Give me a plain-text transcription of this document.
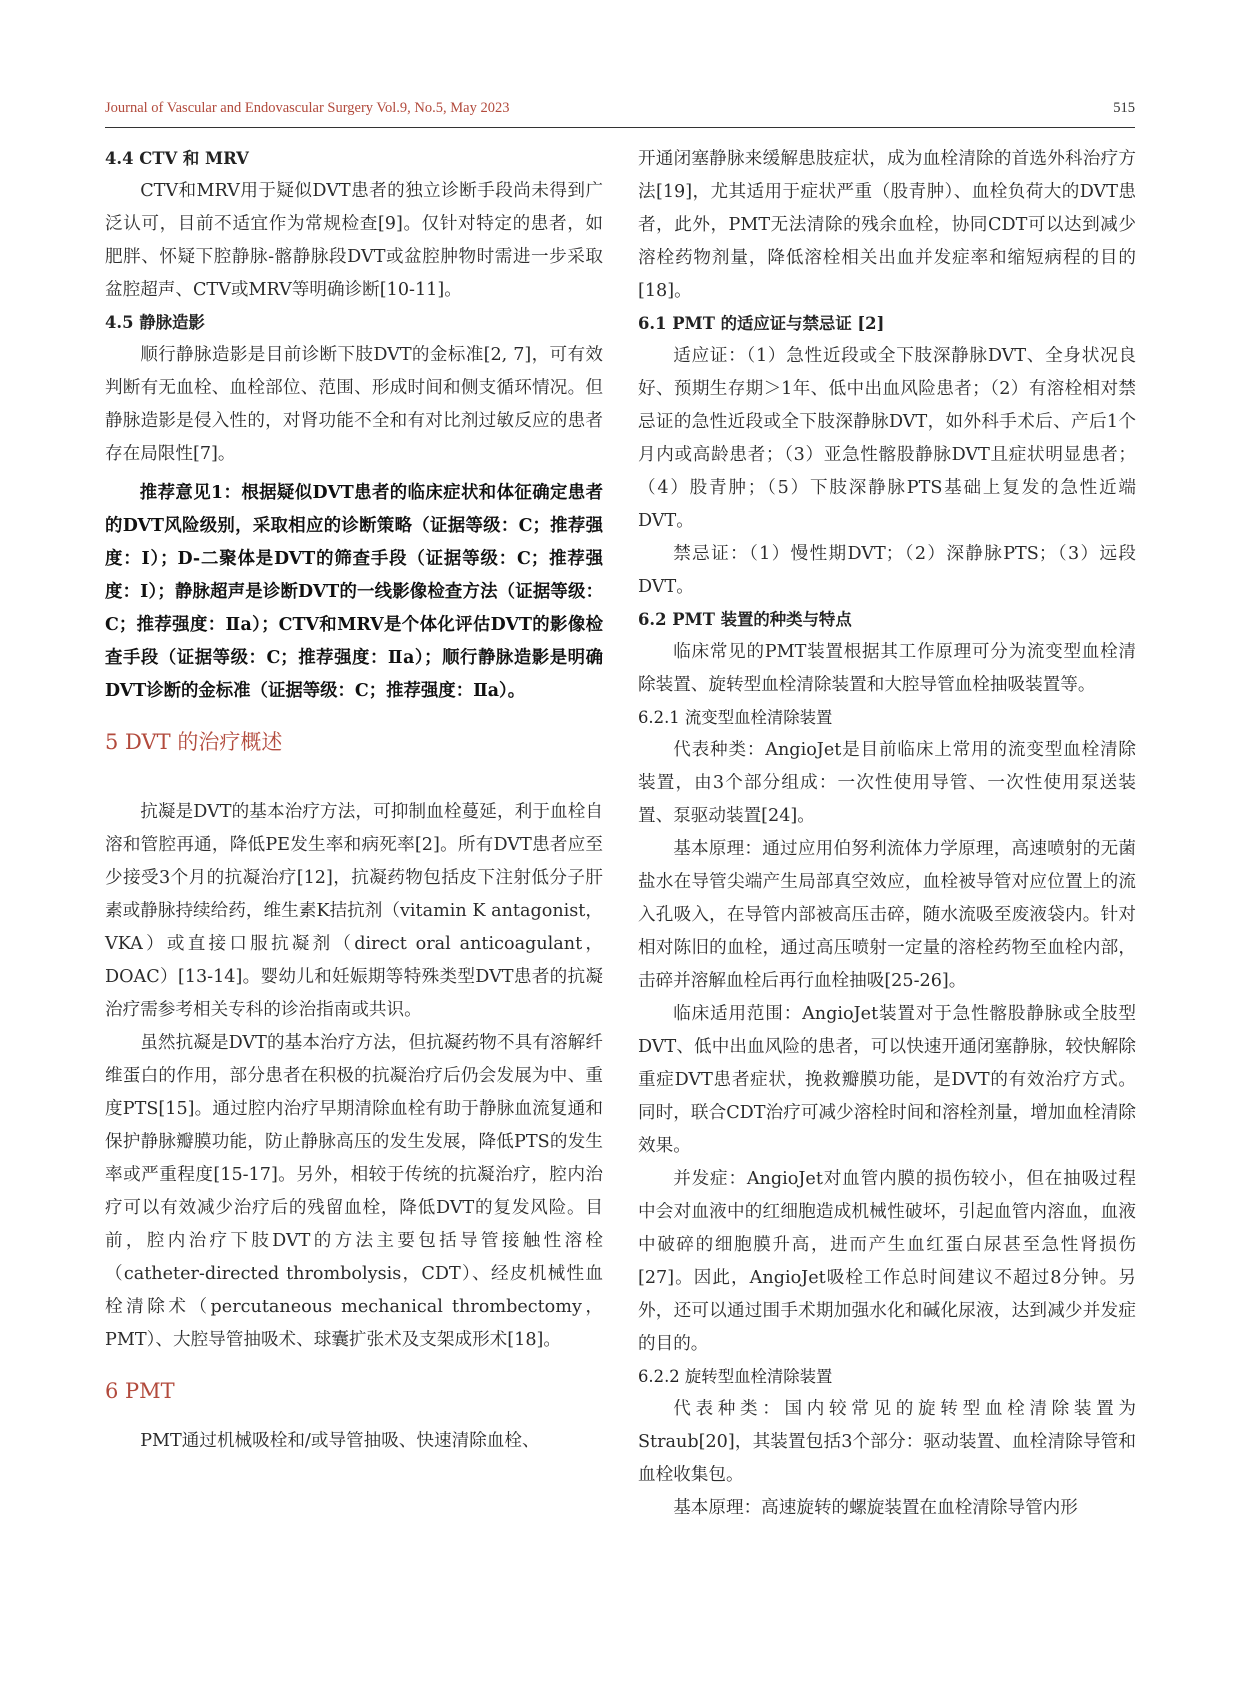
Journal of Vascular and Endovascular Surgery Vol.9, No.5, May 2023	515

4.4 CTV 和 MRV

CTV和MRV用于疑似DVT患者的独立诊断手段尚未得到广泛认可，目前不适宜作为常规检查[9]。仅针对特定的患者，如肥胖、怀疑下腔静脉-髂静脉段DVT或盆腔肿物时需进一步采取盆腔超声、CTV或MRV等明确诊断[10-11]。

4.5 静脉造影

顺行静脉造影是目前诊断下肢DVT的金标准[2, 7]，可有效判断有无血栓、血栓部位、范围、形成时间和侧支循环情况。但静脉造影是侵入性的，对肾功能不全和有对比剂过敏反应的患者存在局限性[7]。

推荐意见1：根据疑似DVT患者的临床症状和体征确定患者的DVT风险级别，采取相应的诊断策略（证据等级：C；推荐强度：I）；D-二聚体是DVT的筛查手段（证据等级：C；推荐强度：Ⅰ）；静脉超声是诊断DVT的一线影像检查方法（证据等级：C；推荐强度：Ⅱa）；CTV和MRV是个体化评估DVT的影像检查手段（证据等级：C；推荐强度：Ⅱa）；顺行静脉造影是明确DVT诊断的金标准（证据等级：C；推荐强度：Ⅱa）。

5 DVT 的治疗概述

抗凝是DVT的基本治疗方法，可抑制血栓蔓延，利于血栓自溶和管腔再通，降低PE发生率和病死率[2]。所有DVT患者应至少接受3个月的抗凝治疗[12]，抗凝药物包括皮下注射低分子肝素或静脉持续给药，维生素K拮抗剂（vitamin K antagonist，VKA）或直接口服抗凝剂（direct oral anticoagulant，DOAC）[13-14]。婴幼儿和妊娠期等特殊类型DVT患者的抗凝治疗需参考相关专科的诊治指南或共识。

虽然抗凝是DVT的基本治疗方法，但抗凝药物不具有溶解纤维蛋白的作用，部分患者在积极的抗凝治疗后仍会发展为中、重度PTS[15]。通过腔内治疗早期清除血栓有助于静脉血流复通和保护静脉瓣膜功能，防止静脉高压的发生发展，降低PTS的发生率或严重程度[15-17]。另外，相较于传统的抗凝治疗，腔内治疗可以有效减少治疗后的残留血栓，降低DVT的复发风险。目前，腔内治疗下肢DVT的方法主要包括导管接触性溶栓（catheter-directed thrombolysis，CDT）、经皮机械性血栓清除术（percutaneous mechanical thrombectomy，PMT）、大腔导管抽吸术、球囊扩张术及支架成形术[18]。

6 PMT

PMT通过机械吸栓和/或导管抽吸、快速清除血栓、

开通闭塞静脉来缓解患肢症状，成为血栓清除的首选外科治疗方法[19]，尤其适用于症状严重（股青肿）、血栓负荷大的DVT患者，此外，PMT无法清除的残余血栓，协同CDT可以达到减少溶栓药物剂量，降低溶栓相关出血并发症率和缩短病程的目的[18]。

6.1 PMT 的适应证与禁忌证 [2]

适应证：（1）急性近段或全下肢深静脉DVT、全身状况良好、预期生存期＞1年、低中出血风险患者；（2）有溶栓相对禁忌证的急性近段或全下肢深静脉DVT，如外科手术后、产后1个月内或高龄患者；（3）亚急性髂股静脉DVT且症状明显患者；（4）股青肿；（5）下肢深静脉PTS基础上复发的急性近端DVT。

禁忌证：（1）慢性期DVT；（2）深静脉PTS；（3）远段DVT。

6.2 PMT 装置的种类与特点

临床常见的PMT装置根据其工作原理可分为流变型血栓清除装置、旋转型血栓清除装置和大腔导管血栓抽吸装置等。

6.2.1 流变型血栓清除装置

代表种类：AngioJet是目前临床上常用的流变型血栓清除装置，由3个部分组成：一次性使用导管、一次性使用泵送装置、泵驱动装置[24]。

基本原理：通过应用伯努利流体力学原理，高速喷射的无菌盐水在导管尖端产生局部真空效应，血栓被导管对应位置上的流入孔吸入，在导管内部被高压击碎，随水流吸至废液袋内。针对相对陈旧的血栓，通过高压喷射一定量的溶栓药物至血栓内部，击碎并溶解血栓后再行血栓抽吸[25-26]。

临床适用范围：AngioJet装置对于急性髂股静脉或全肢型DVT、低中出血风险的患者，可以快速开通闭塞静脉，较快解除重症DVT患者症状，挽救瓣膜功能，是DVT的有效治疗方式。同时，联合CDT治疗可减少溶栓时间和溶栓剂量，增加血栓清除效果。

并发症：AngioJet对血管内膜的损伤较小，但在抽吸过程中会对血液中的红细胞造成机械性破坏，引起血管内溶血，血液中破碎的细胞膜升高，进而产生血红蛋白尿甚至急性肾损伤[27]。因此，AngioJet吸栓工作总时间建议不超过8分钟。另外，还可以通过围手术期加强水化和碱化尿液，达到减少并发症的目的。

6.2.2 旋转型血栓清除装置

代表种类：国内较常见的旋转型血栓清除装置为Straub[20]，其装置包括3个部分：驱动装置、血栓清除导管和血栓收集包。

基本原理：高速旋转的螺旋装置在血栓清除导管内形
